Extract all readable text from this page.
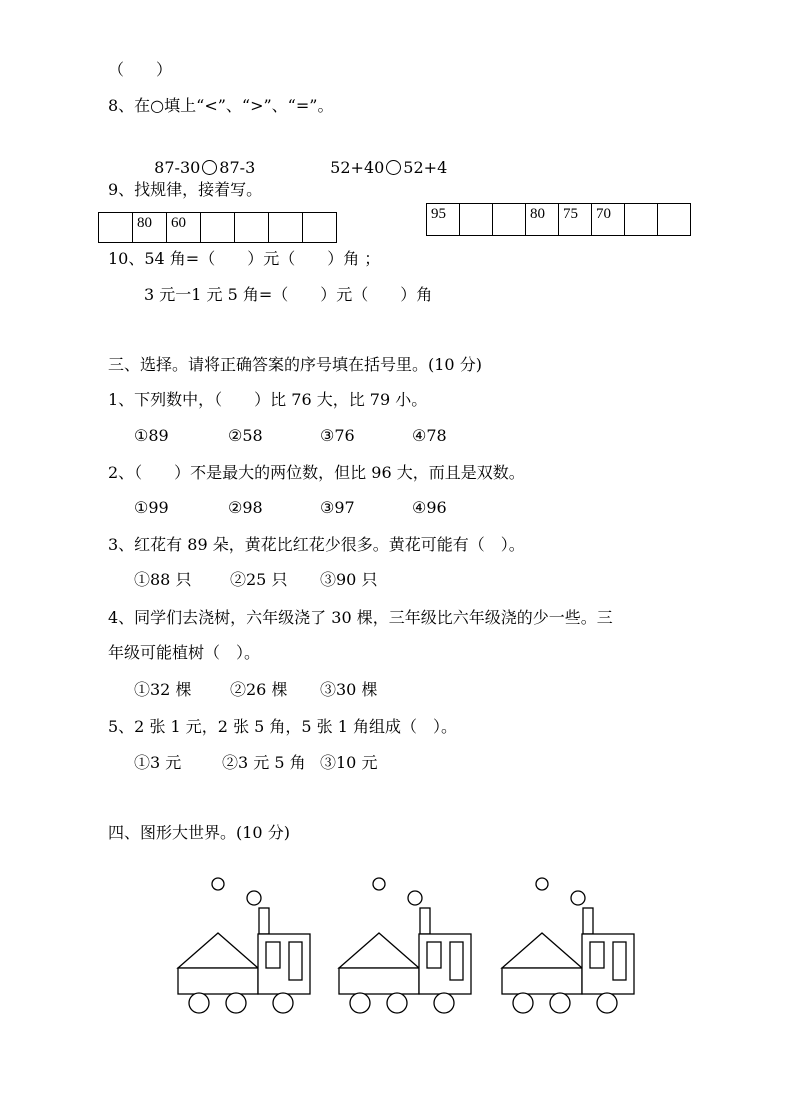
（　　）
8、在○填上“<”、“>”、“=”。

87-30 87-3	52+40 52+4

9、找规律，接着写。
	80	60				
95			80	75	70		
10、54 角=（　　）元（　　）角 ；
3 元一1 元 5 角=（　　）元（　　）角
三、选择。请将正确答案的序号填在括号里。(10 分)
1、下列数中，（　　）比 76 大，比 79 小。
①89	②58	③76	④78
2、（　　）不是最大的两位数，但比 96 大，而且是双数。
①99	②98	③97	④96
3、红花有 89 朵，黄花比红花少很多。黄花可能有（　）。
①88 只 ②25 只 ③90 只
4、同学们去浇树，六年级浇了 30 棵，三年级比六年级浇的少一些。三
年级可能植树（　）。
①32 棵 ②26 棵 ③30 棵
5、2 张 1 元，2 张 5 角，5 张 1 角组成（　）。
①3 元	②3 元 5 角 ③10 元
四、图形大世界。(10 分)
